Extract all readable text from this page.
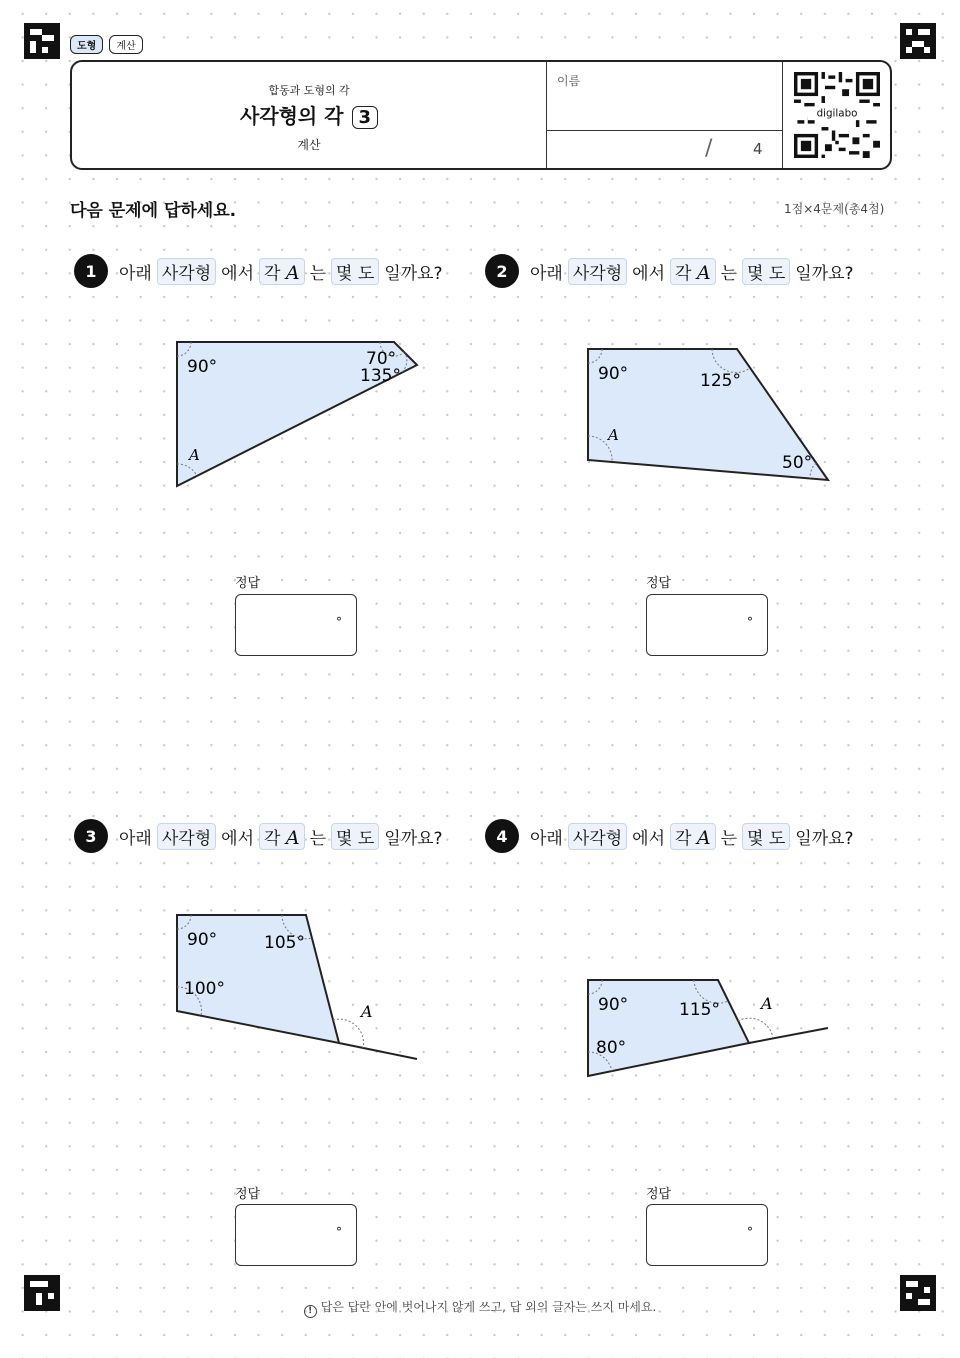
도형	계산
합동과 도형의 각
사각형의 각 3
계산
이름
/	4
digilabo
다음 문제에 답하세요.	1점×4문제(총4점)
1	아래 사각형 에서 각 A 는 몇 도 일까요?	2	아래 사각형 에서 각 A 는 몇 도 일까요?
3	아래 사각형 에서 각 A 는 몇 도 일까요?	4	아래 사각형 에서 각 A 는 몇 도 일까요?
90°	70°
135°
A
90°	125°
50°
A
90°	105°
100°
A	90°	115°
80°
A
정답
°
정답
°
정답
°
정답
°
! 답은 답란 안에 벗어나지 않게 쓰고, 답 외의 글자는 쓰지 마세요.
